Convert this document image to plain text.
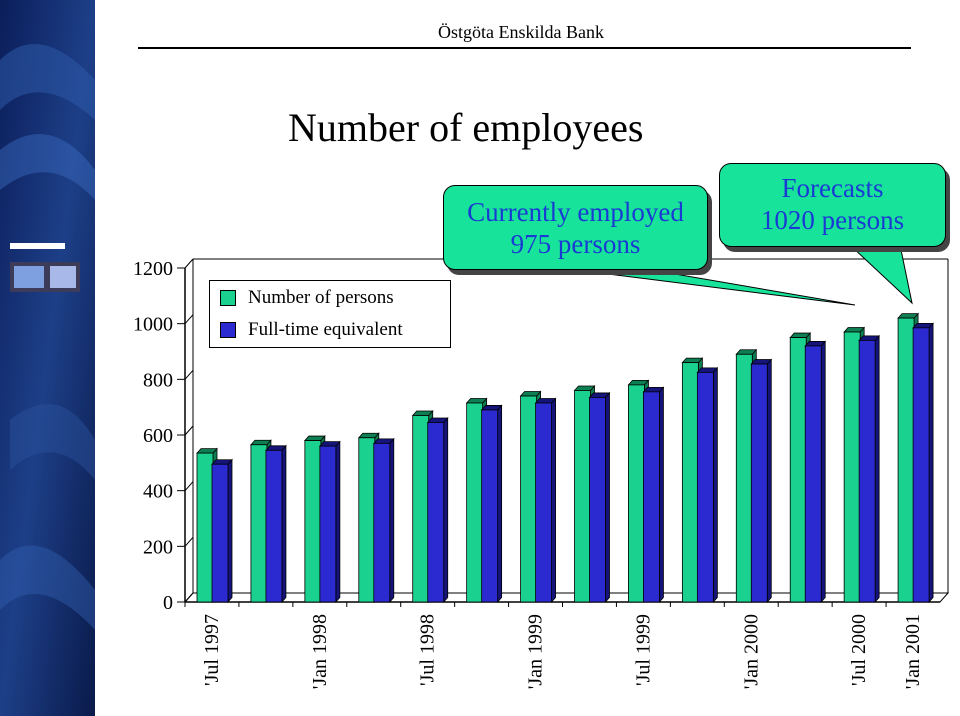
Östgöta Enskilda Bank
Number of employees
0
200
400
600
800
1000
1200
'Jul 1997	'Jan 1998	'Jul 1998	'Jan 1999	'Jul 1999	'Jan 2000	'Jul 2000 'Jan 2001
Number of persons
Full-time equivalent
Currently employed
975 persons
Forecasts
1020 persons
